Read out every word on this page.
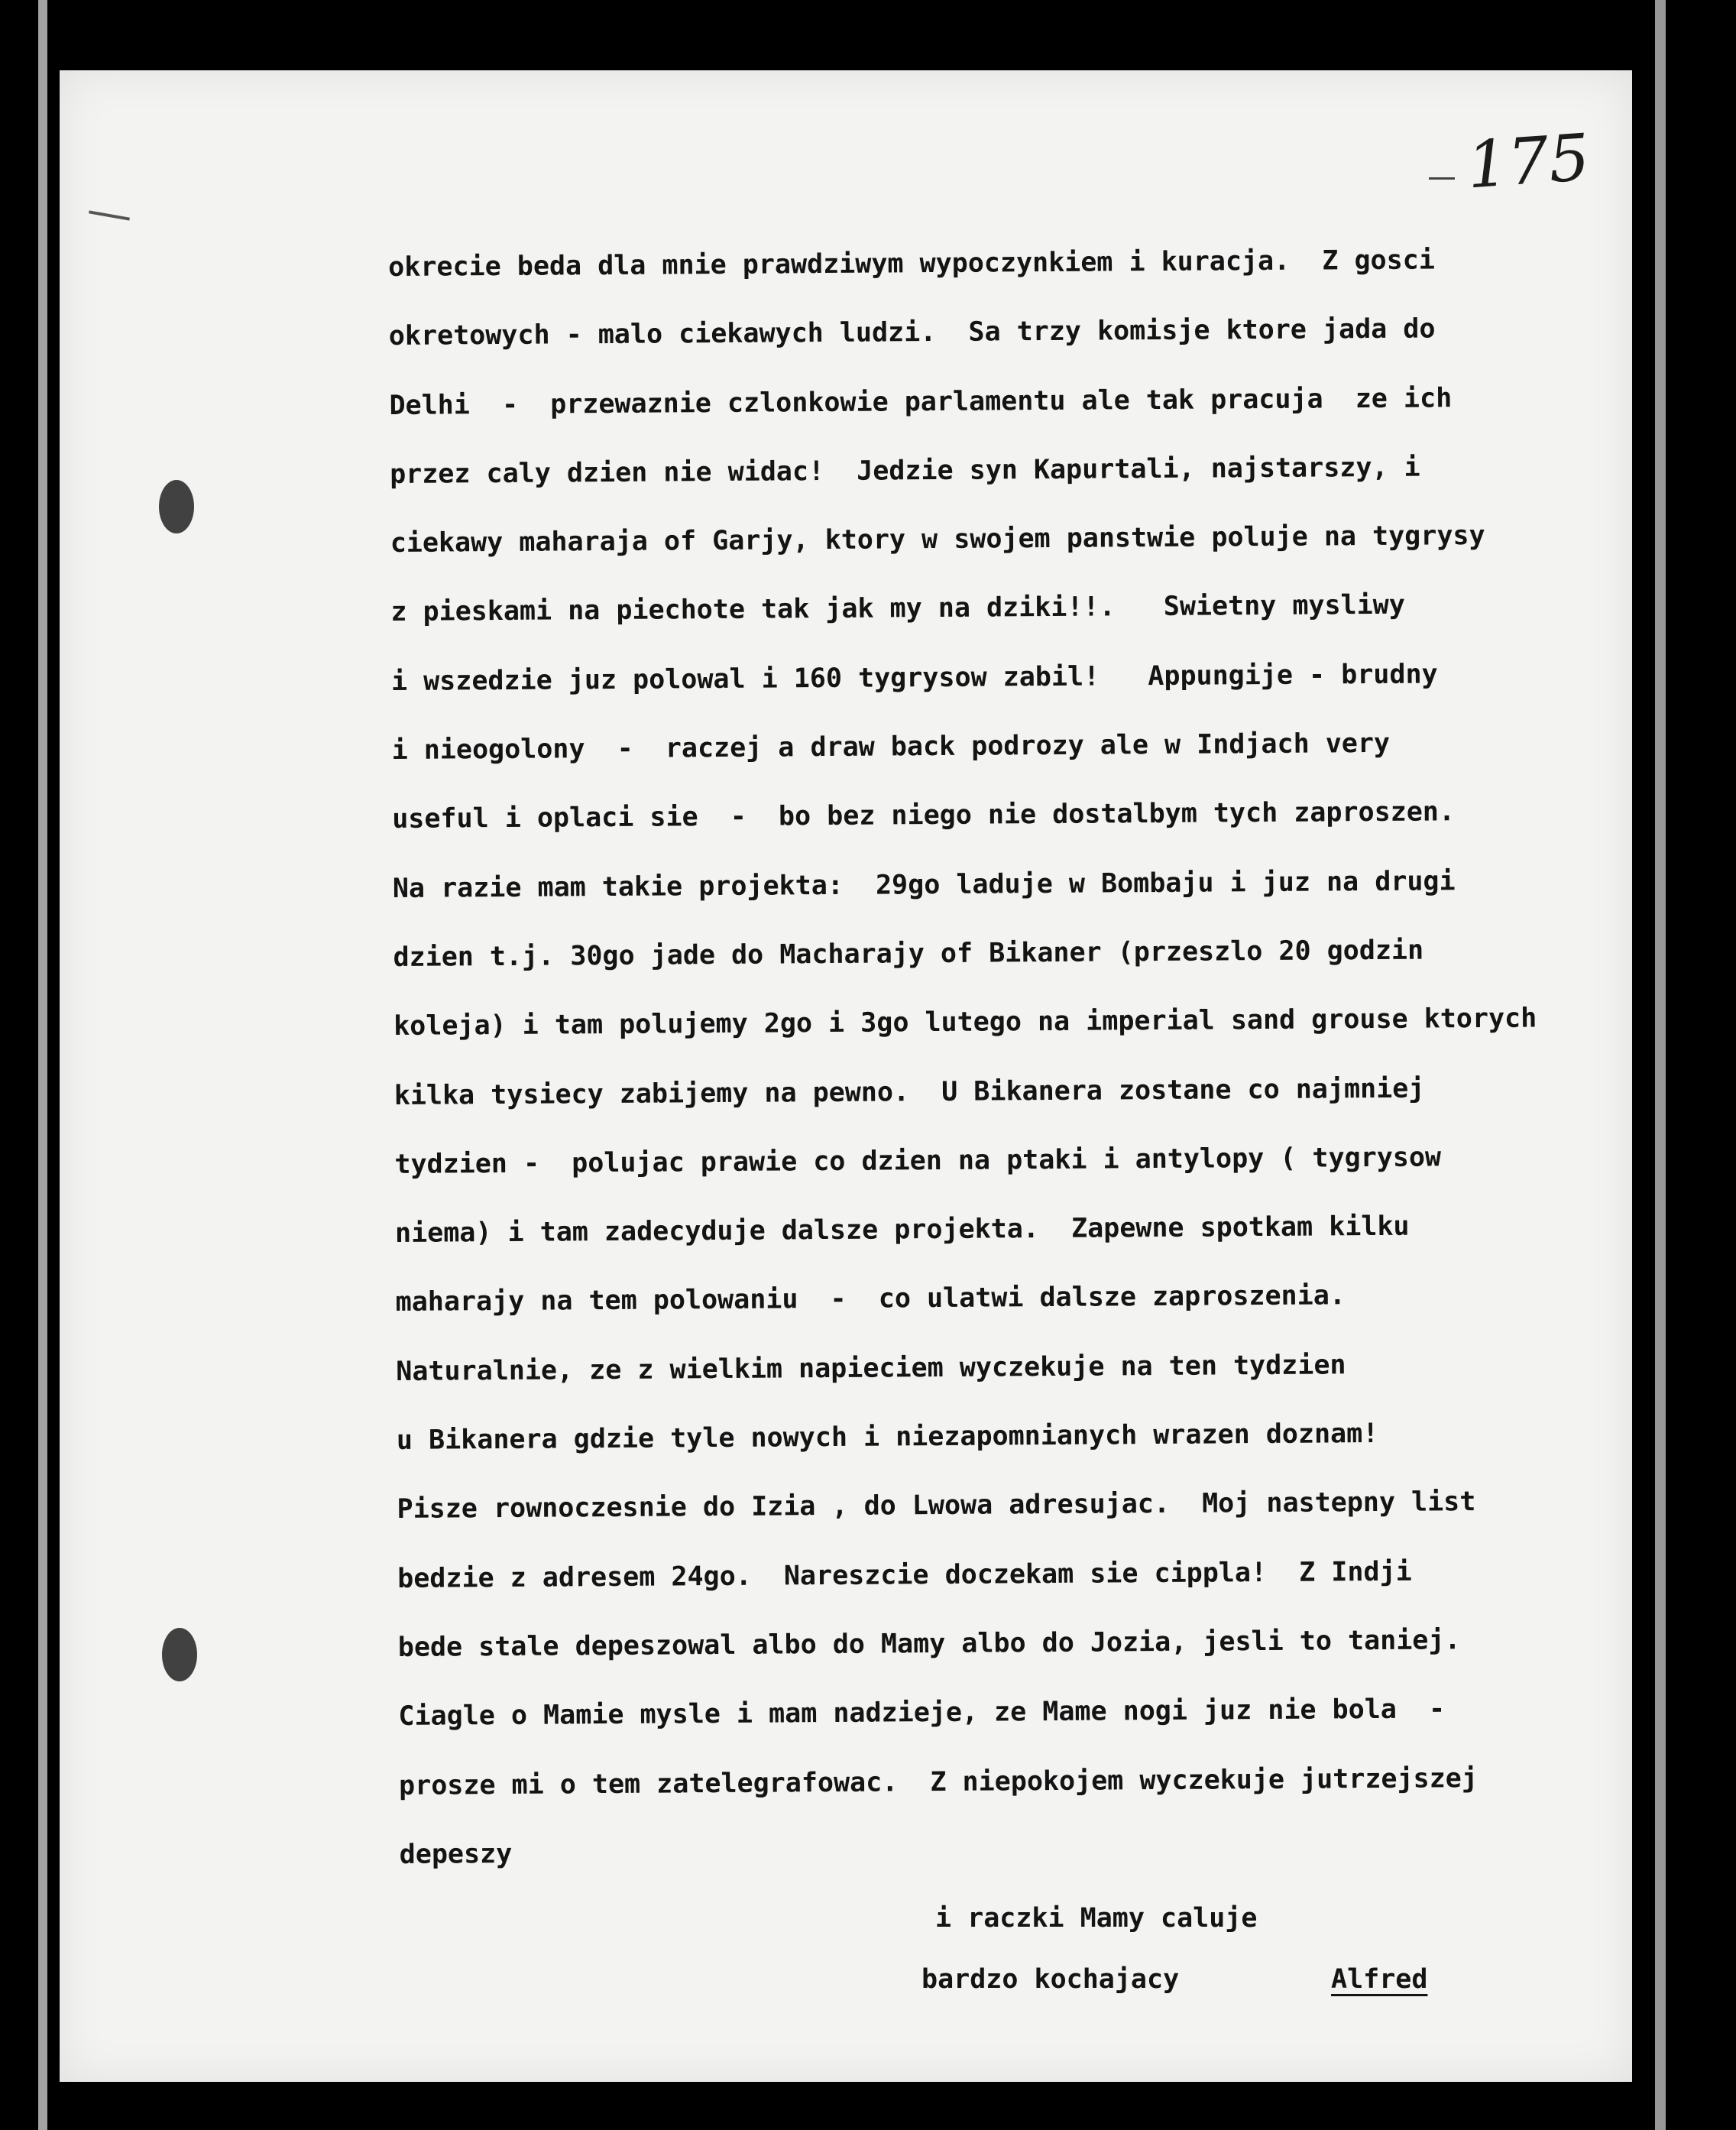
175
okrecie beda dla mnie prawdziwym wypoczynkiem i kuracja.  Z gosci
okretowych - malo ciekawych ludzi.  Sa trzy komisje ktore jada do
Delhi  -  przewaznie czlonkowie parlamentu ale tak pracuja  ze ich
przez caly dzien nie widac!  Jedzie syn Kapurtali, najstarszy, i
ciekawy maharaja of Garjy, ktory w swojem panstwie poluje na tygrysy
z pieskami na piechote tak jak my na dziki!!.   Swietny mysliwy
i wszedzie juz polowal i 160 tygrysow zabil!   Appungije - brudny
i nieogolony  -  raczej a draw back podrozy ale w Indjach very
useful i oplaci sie  -  bo bez niego nie dostalbym tych zaproszen.
Na razie mam takie projekta:  29go laduje w Bombaju i juz na drugi
dzien t.j. 30go jade do Macharajy of Bikaner (przeszlo 20 godzin
koleja) i tam polujemy 2go i 3go lutego na imperial sand grouse ktorych
kilka tysiecy zabijemy na pewno.  U Bikanera zostane co najmniej
tydzien -  polujac prawie co dzien na ptaki i antylopy ( tygrysow
niema) i tam zadecyduje dalsze projekta.  Zapewne spotkam kilku
maharajy na tem polowaniu  -  co ulatwi dalsze zaproszenia.
Naturalnie, ze z wielkim napieciem wyczekuje na ten tydzien
u Bikanera gdzie tyle nowych i niezapomnianych wrazen doznam!
Pisze rownoczesnie do Izia , do Lwowa adresujac.  Moj nastepny list
bedzie z adresem 24go.  Nareszcie doczekam sie cippla!  Z Indji
bede stale depeszowal albo do Mamy albo do Jozia, jesli to taniej.
Ciagle o Mamie mysle i mam nadzieje, ze Mame nogi juz nie bola  -
prosze mi o tem zatelegrafowac.  Z niepokojem wyczekuje jutrzejszej
depeszy
i raczki Mamy caluje
bardzo kochajacy	Alfred
